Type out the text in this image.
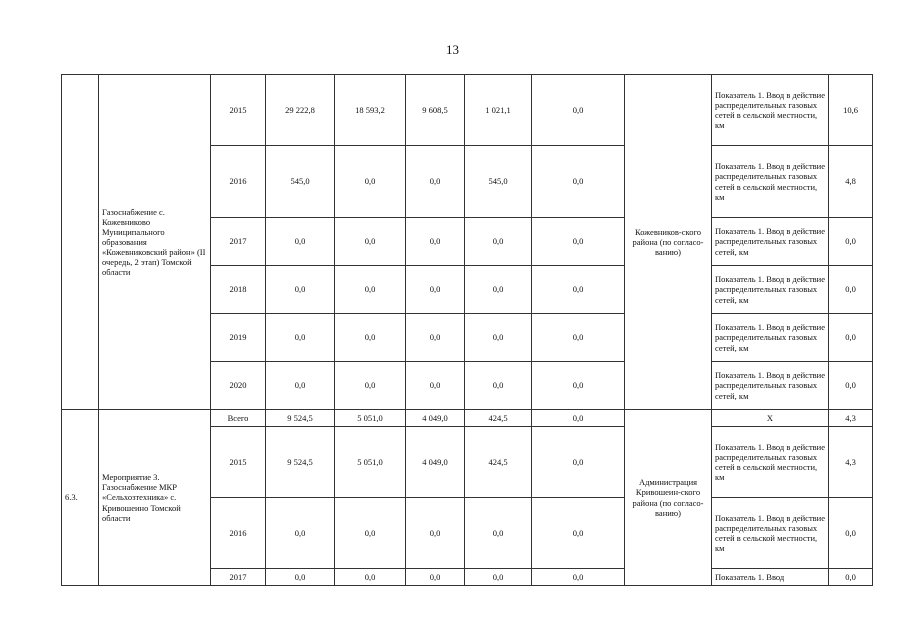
13
	Газоснабжение с. Кожевниково Муниципального образования «Кожевниковский район» (II очередь, 2 этап) Томской области	2015	29 222,8	18 593,2	9 608,5	1 021,1	0,0	Кожевников-ского района (по согласо-ванию)	Показатель 1. Ввод в действие распределительных газовых сетей в сельской местности, км	10,6
		2016	545,0	0,0	0,0	545,0	0,0		Показатель 1. Ввод в действие распределительных газовых сетей в сельской местности, км	4,8
		2017	0,0	0,0	0,0	0,0	0,0		Показатель 1. Ввод в действие распределительных газовых сетей, км	0,0
		2018	0,0	0,0	0,0	0,0	0,0		Показатель 1. Ввод в действие распределительных газовых сетей, км	0,0
		2019	0,0	0,0	0,0	0,0	0,0		Показатель 1. Ввод в действие распределительных газовых сетей, км	0,0
		2020	0,0	0,0	0,0	0,0	0,0		Показатель 1. Ввод в действие распределительных газовых сетей, км	0,0
6.3.	Мероприятие 3. Газоснабжение МКР «Сельхозтехника» с. Кривошеино Томской области	Всего	9 524,5	5 051,0	4 049,0	424,5	0,0	Администрация Кривошеин-ского района (по согласо-ванию)	X	4,3
		2015	9 524,5	5 051,0	4 049,0	424,5	0,0		Показатель 1. Ввод в действие распределительных газовых сетей в сельской местности, км	4,3
		2016	0,0	0,0	0,0	0,0	0,0		Показатель 1. Ввод в действие распределительных газовых сетей в сельской местности, км	0,0
		2017	0,0	0,0	0,0	0,0	0,0		Показатель 1. Ввод	0,0
